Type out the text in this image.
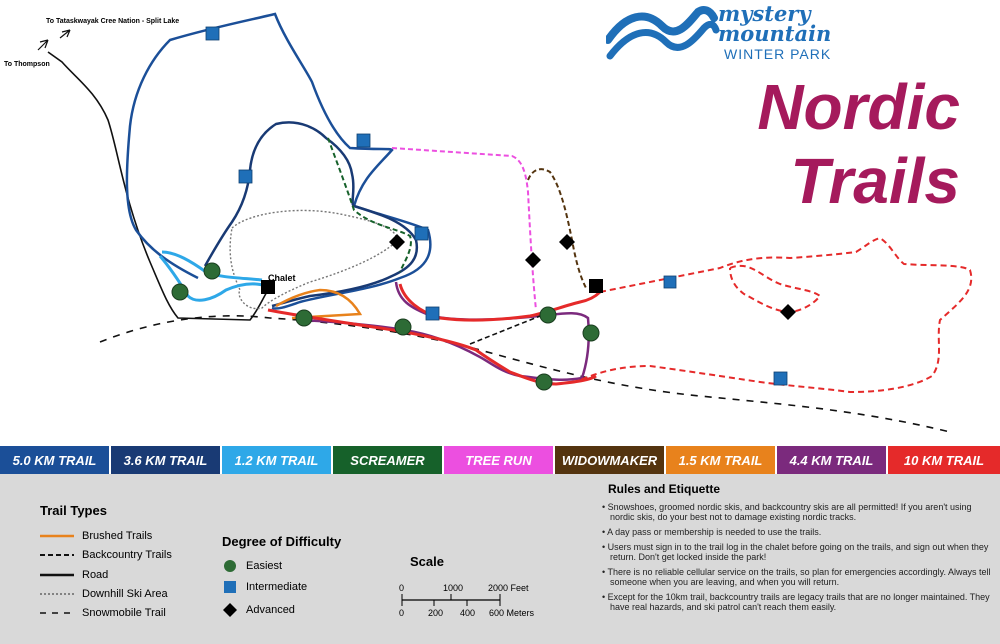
mystery
mountain
WINTER PARK
Nordic
Trails
To Tataskwayak Cree Nation - Split Lake
To Thompson
Chalet
5.0 KM TRAIL 3.6 KM TRAIL 1.2 KM TRAIL SCREAMER	TREE RUN WIDOWMAKER 1.5 KM TRAIL 4.4 KM TRAIL 10 KM TRAIL
Trail Types
Brushed Trails
Backcountry Trails
Road
Downhill Ski Area
Snowmobile Trail
Degree of Difficulty
Easiest
Intermediate
Advanced
Scale
0	1000	2000 Feet
0	200 400 600 Meters
Rules and Etiquette
• Snowshoes, groomed nordic skis, and backcountry skis are all permitted! If you aren't using nordic skis, do your best not to damage existing nordic tracks.
• A day pass or membership is needed to use the trails.
• Users must sign in to the trail log in the chalet before going on the trails, and sign out when they return. Don't get locked inside the park!
• There is no reliable cellular service on the trails, so plan for emergencies accordingly. Always tell someone when you are leaving, and when you will return.
• Except for the 10km trail, backcountry trails are legacy trails that are no longer maintained. They have real hazards, and ski patrol can't reach them easily.
